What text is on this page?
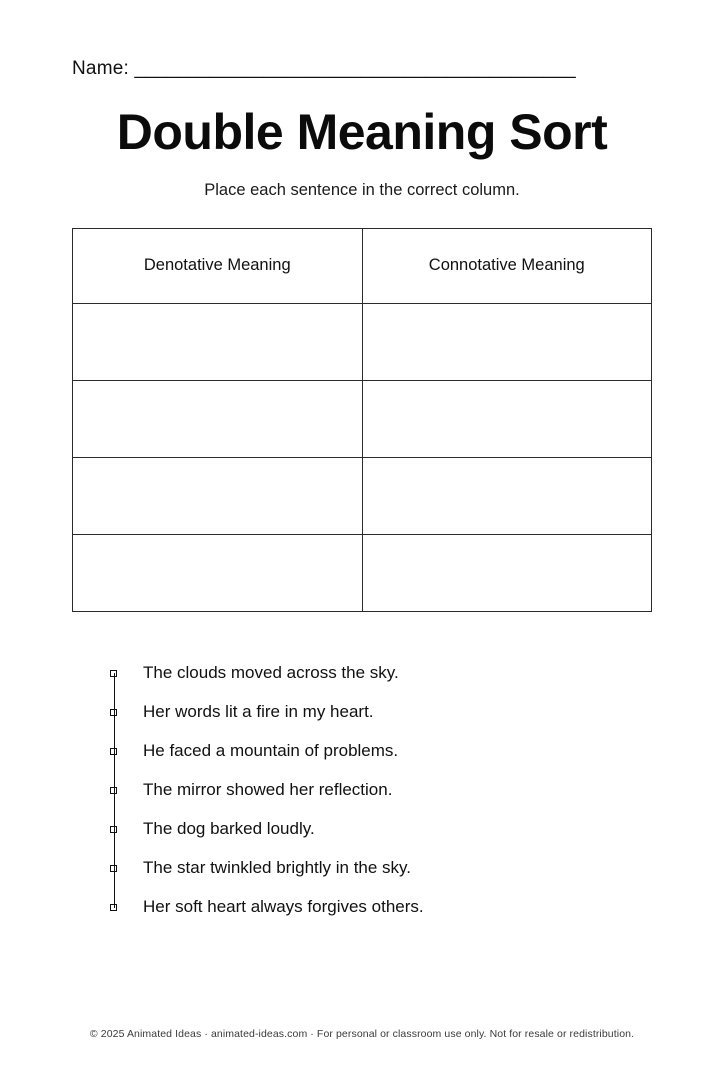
Name: _________________________________________
Double Meaning Sort
Place each sentence in the correct column.
Denotative Meaning	Connotative Meaning

The clouds moved across the sky.
Her words lit a fire in my heart.
He faced a mountain of problems.
The mirror showed her reflection.
The dog barked loudly.
The star twinkled brightly in the sky.
Her soft heart always forgives others.
© 2025 Animated Ideas · animated-ideas.com · For personal or classroom use only. Not for resale or redistribution.
